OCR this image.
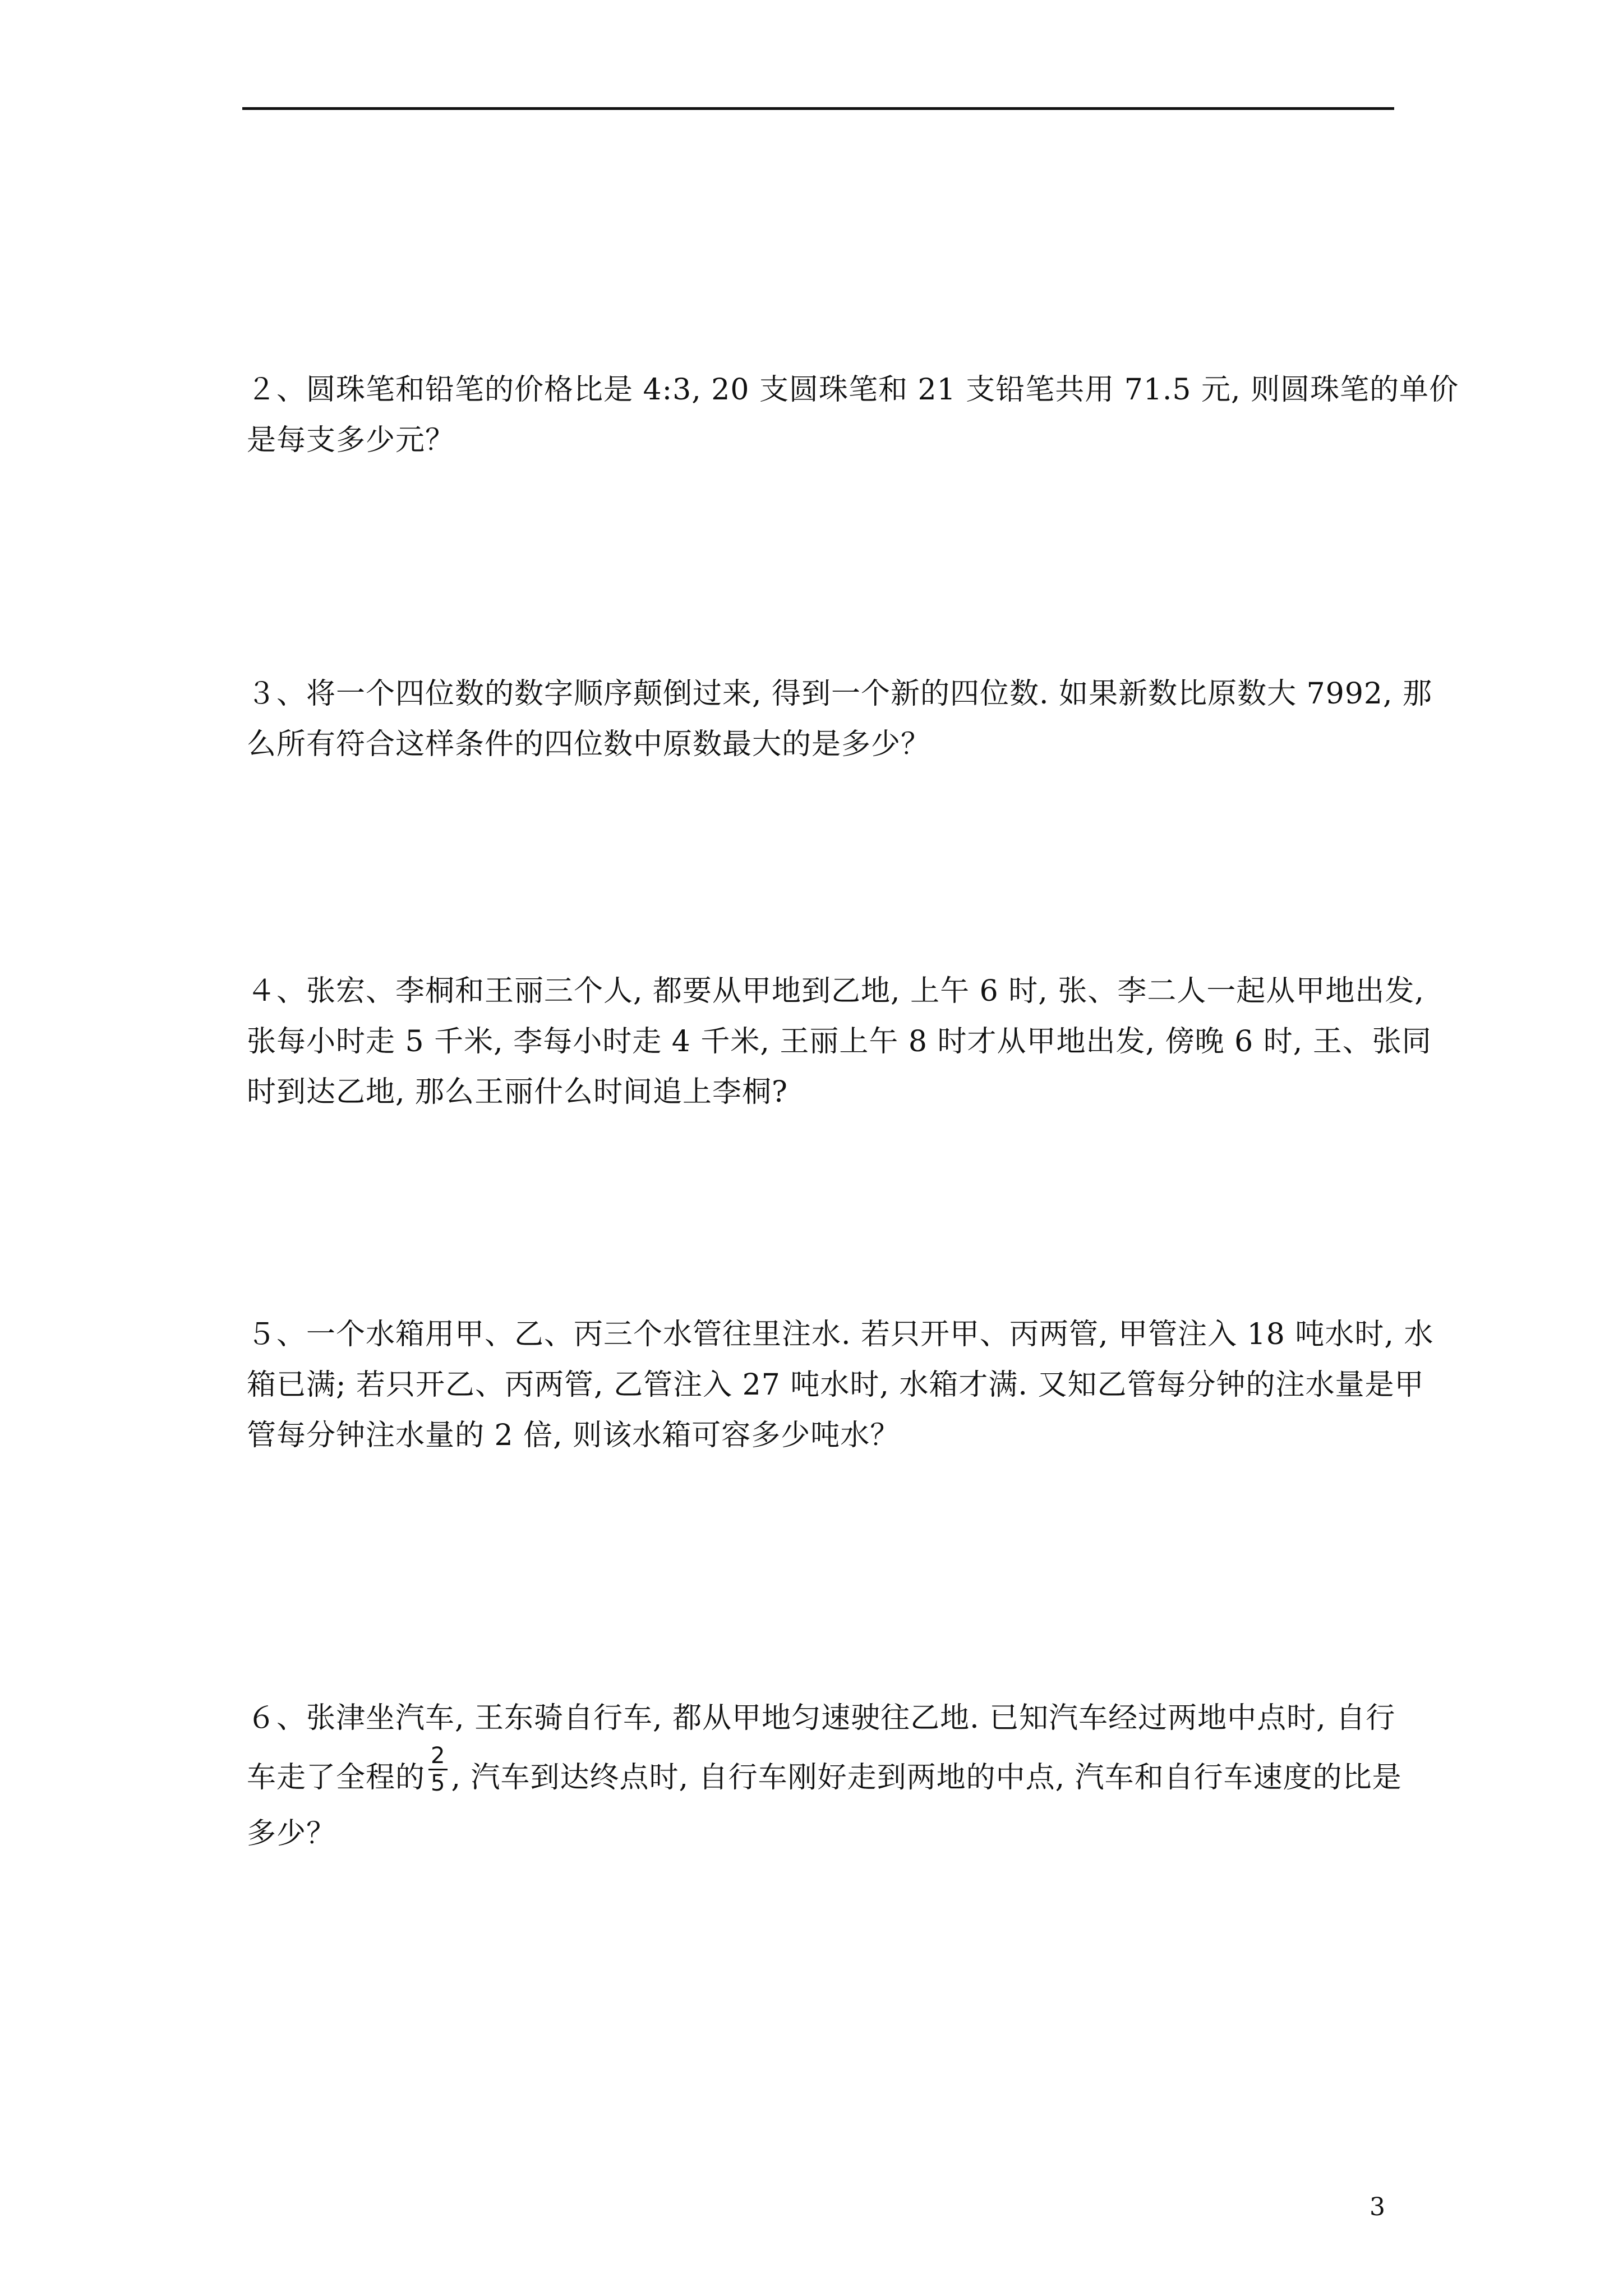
２、圆珠笔和铅笔的价格比是 4:3, 20 支圆珠笔和 21 支铅笔共用 71.5 元, 则圆珠笔的单价
是每支多少元？
３、将一个四位数的数字顺序颠倒过来, 得到一个新的四位数. 如果新数比原数大 7992, 那
么所有符合这样条件的四位数中原数最大的是多少？
４、张宏、李桐和王丽三个人, 都要从甲地到乙地, 上午 6 时, 张、李二人一起从甲地出发,
张每小时走 5 千米, 李每小时走 4 千米, 王丽上午 8 时才从甲地出发, 傍晚 6 时, 王、张同
时到达乙地, 那么王丽什么时间追上李桐?
５、一个水箱用甲、乙、丙三个水管往里注水. 若只开甲、丙两管, 甲管注入 18 吨水时, 水
箱已满; 若只开乙、丙两管, 乙管注入 27 吨水时, 水箱才满. 又知乙管每分钟的注水量是甲
管每分钟注水量的 2 倍, 则该水箱可容多少吨水？
６、张津坐汽车, 王东骑自行车, 都从甲地匀速驶往乙地. 已知汽车经过两地中点时, 自行
车走了全程的 $\frac{2}{5}$ , 汽车到达终点时, 自行车刚好走到两地的中点, 汽车和自行车速度的比是
多少？
3
